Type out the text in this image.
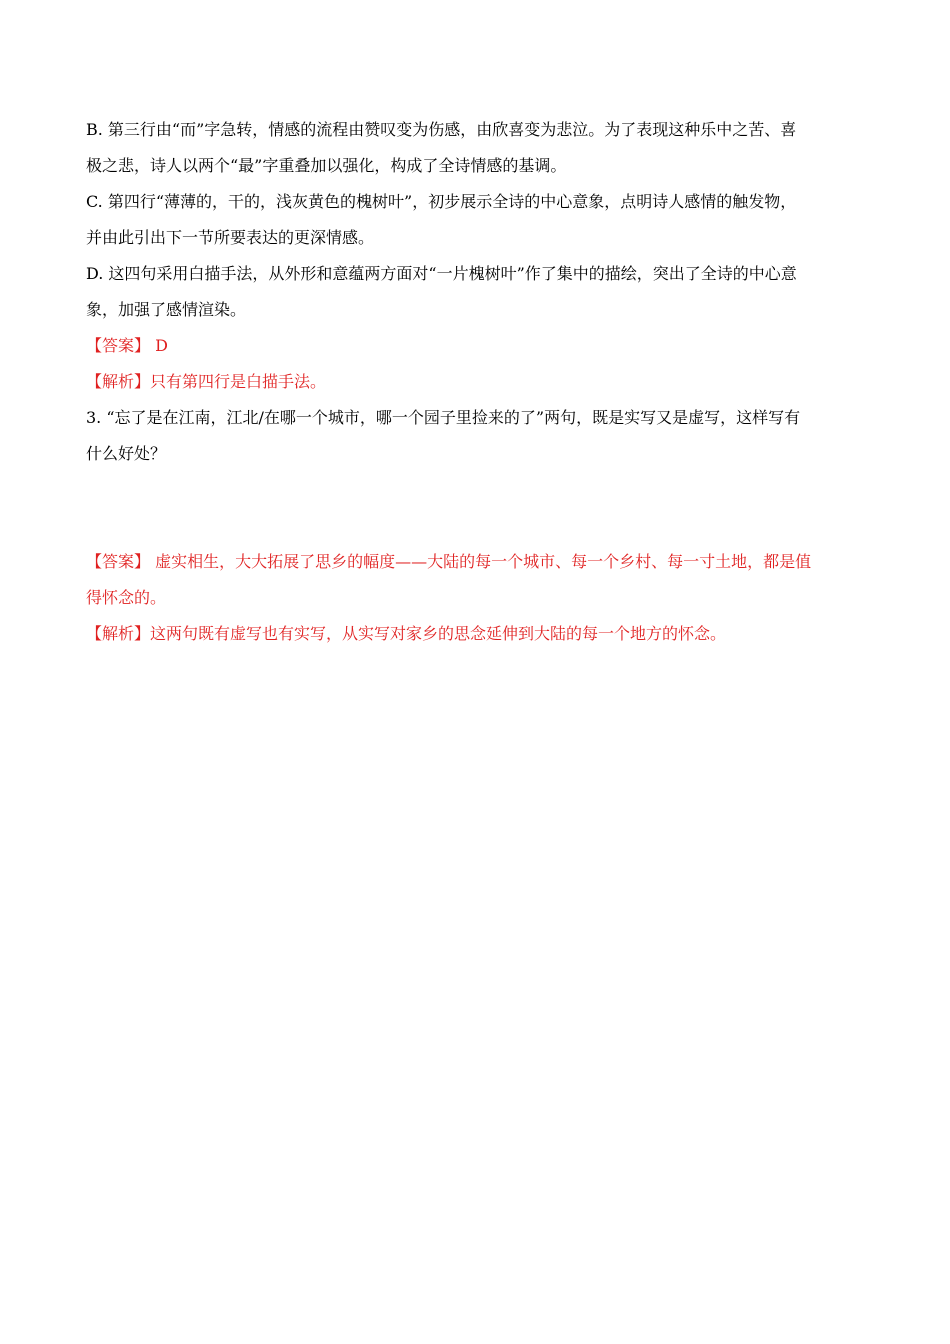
B. 第三行由“而”字急转，情感的流程由赞叹变为伤感，由欣喜变为悲泣。为了表现这种乐中之苦、喜

极之悲，诗人以两个“最”字重叠加以强化，构成了全诗情感的基调。

C. 第四行“薄薄的，干的，浅灰黄色的槐树叶”，初步展示全诗的中心意象，点明诗人感情的触发物，

并由此引出下一节所要表达的更深情感。

D. 这四句采用白描手法，从外形和意蕴两方面对“一片槐树叶”作了集中的描绘，突出了全诗的中心意

象，加强了感情渲染。

【答案】 D

【解析】只有第四行是白描手法。

3. “忘了是在江南，江北/在哪一个城市，哪一个园子里捡来的了”两句，既是实写又是虚写，这样写有

什么好处？

【答案】 虚实相生，大大拓展了思乡的幅度——大陆的每一个城市、每一个乡村、每一寸土地，都是值

得怀念的。

【解析】这两句既有虚写也有实写，从实写对家乡的思念延伸到大陆的每一个地方的怀念。
